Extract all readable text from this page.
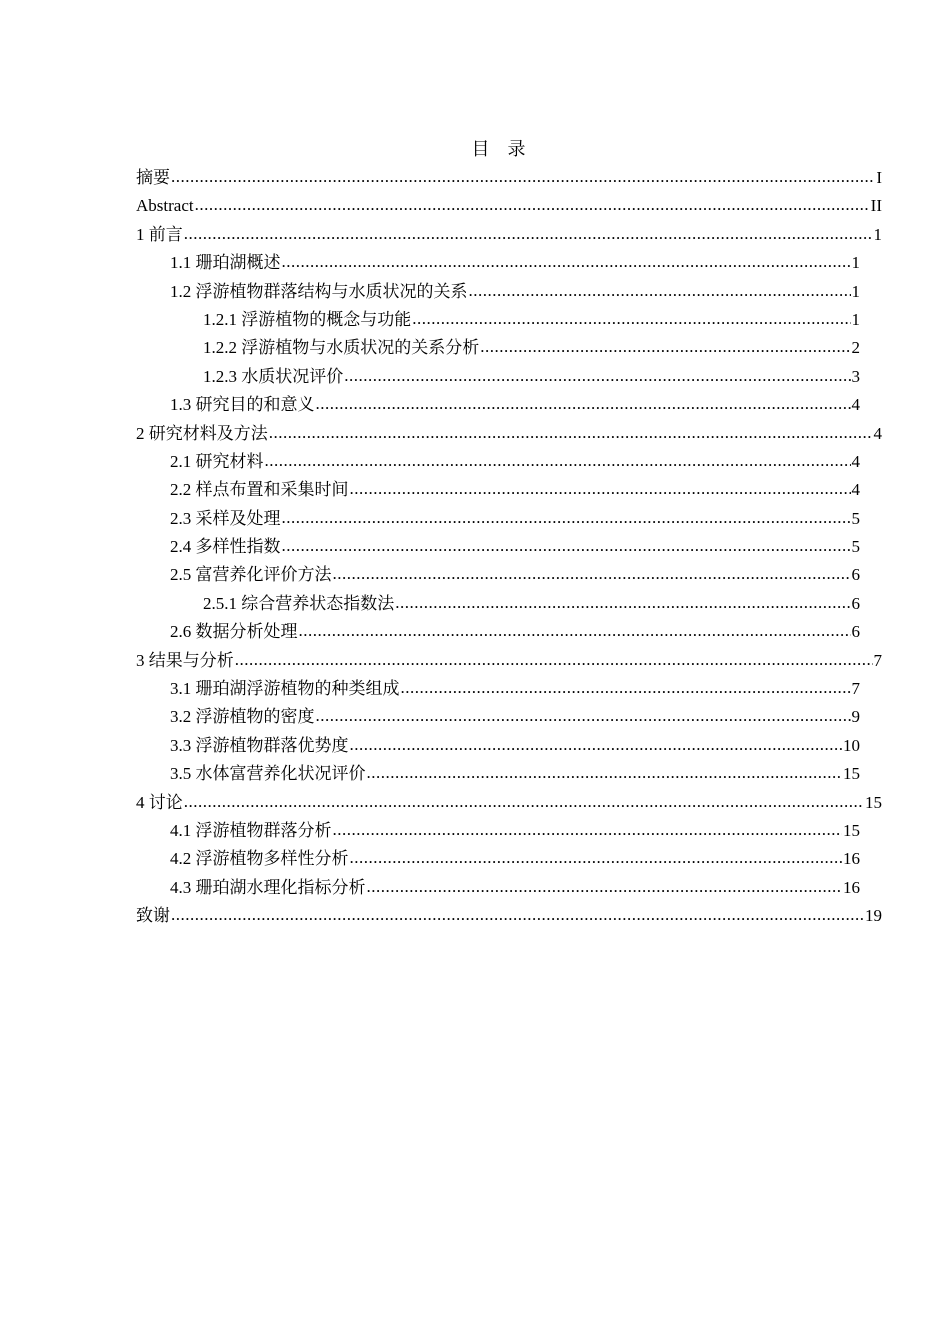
目 录
摘要 .....	I
Abstract .....	II
1 前言 .....	1
1.1 珊珀湖概述 .....	1
1.2 浮游植物群落结构与水质状况的关系 .....	1
1.2.1 浮游植物的概念与功能 .....	1
1.2.2 浮游植物与水质状况的关系分析 .....	2
1.2.3 水质状况评价 .....	3
1.3 研究目的和意义 .....	4
2 研究材料及方法 .....	4
2.1 研究材料 .....	4
2.2 样点布置和采集时间 .....	4
2.3 采样及处理 .....	5
2.4 多样性指数 .....	5
2.5 富营养化评价方法 .....	6
2.5.1 综合营养状态指数法 .....	6
2.6 数据分析处理 .....	6
3 结果与分析 .....	7
3.1 珊珀湖浮游植物的种类组成 .....	7
3.2 浮游植物的密度 .....	9
3.3 浮游植物群落优势度 .....	10
3.5 水体富营养化状况评价 .....	15
4 讨论 .....	15
4.1 浮游植物群落分析 .....	15
4.2 浮游植物多样性分析 .....	16
4.3 珊珀湖水理化指标分析 .....	16
致谢 .....	19
